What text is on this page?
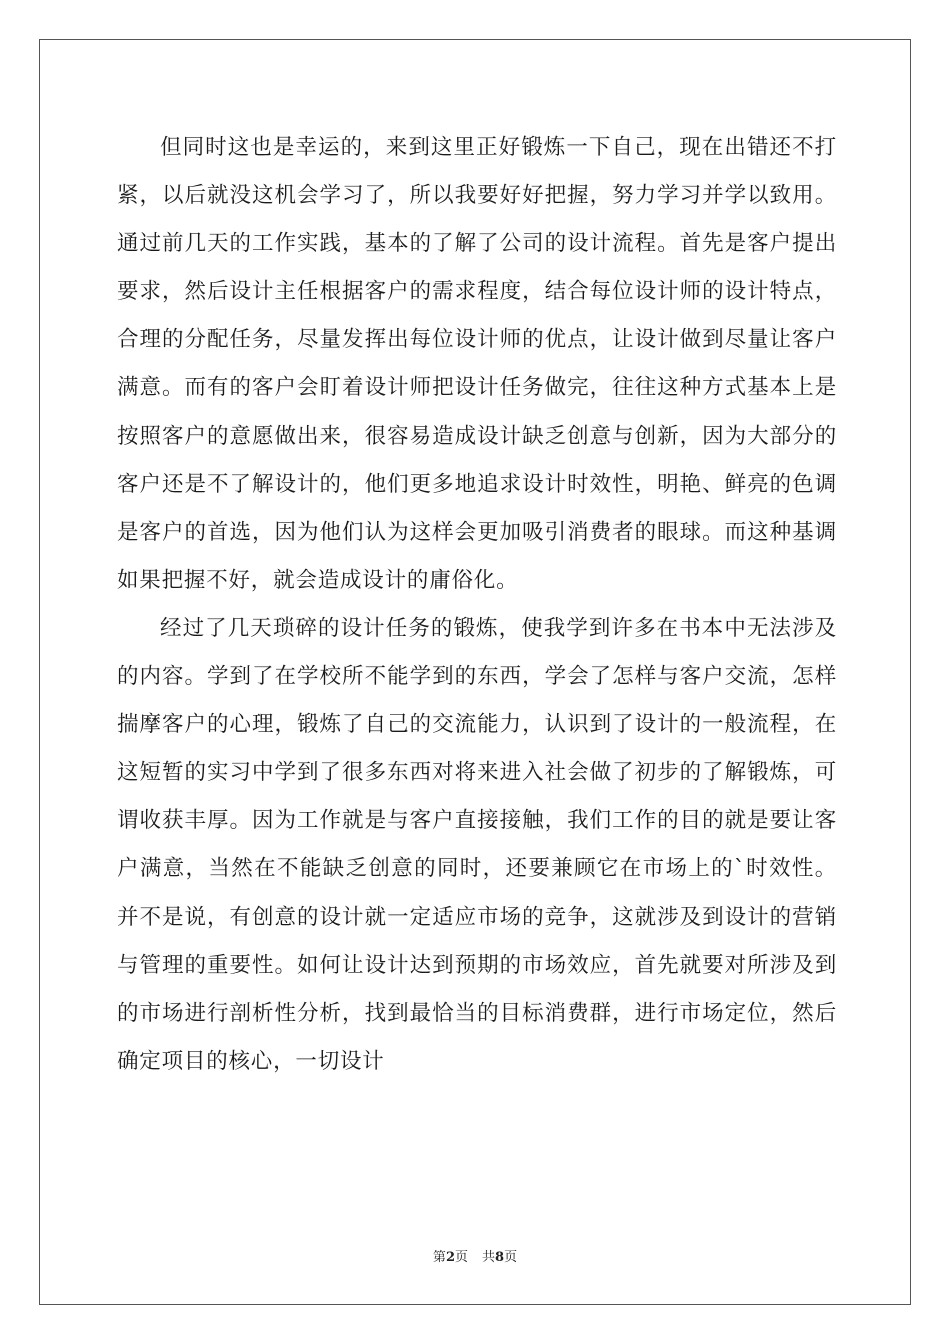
但同时这也是幸运的，来到这里正好锻炼一下自己，现在出错还不打紧，以后就没这机会学习了，所以我要好好把握，努力学习并学以致用。通过前几天的工作实践，基本的了解了公司的设计流程。首先是客户提出要求，然后设计主任根据客户的需求程度，结合每位设计师的设计特点，合理的分配任务，尽量发挥出每位设计师的优点，让设计做到尽量让客户满意。而有的客户会盯着设计师把设计任务做完，往往这种方式基本上是按照客户的意愿做出来，很容易造成设计缺乏创意与创新，因为大部分的客户还是不了解设计的，他们更多地追求设计时效性，明艳、鲜亮的色调是客户的首选，因为他们认为这样会更加吸引消费者的眼球。而这种基调如果把握不好，就会造成设计的庸俗化。

经过了几天琐碎的设计任务的锻炼，使我学到许多在书本中无法涉及的内容。学到了在学校所不能学到的东西，学会了怎样与客户交流，怎样揣摩客户的心理，锻炼了自己的交流能力，认识到了设计的一般流程，在这短暂的实习中学到了很多东西对将来进入社会做了初步的了解锻炼，可谓收获丰厚。因为工作就是与客户直接接触，我们工作的目的就是要让客户满意，当然在不能缺乏创意的同时，还要兼顾它在市场上的`时效性。并不是说，有创意的设计就一定适应市场的竞争，这就涉及到设计的营销与管理的重要性。如何让设计达到预期的市场效应，首先就要对所涉及到的市场进行剖析性分析，找到最恰当的目标消费群，进行市场定位，然后确定项目的核心，一切设计

第2页 共8页
